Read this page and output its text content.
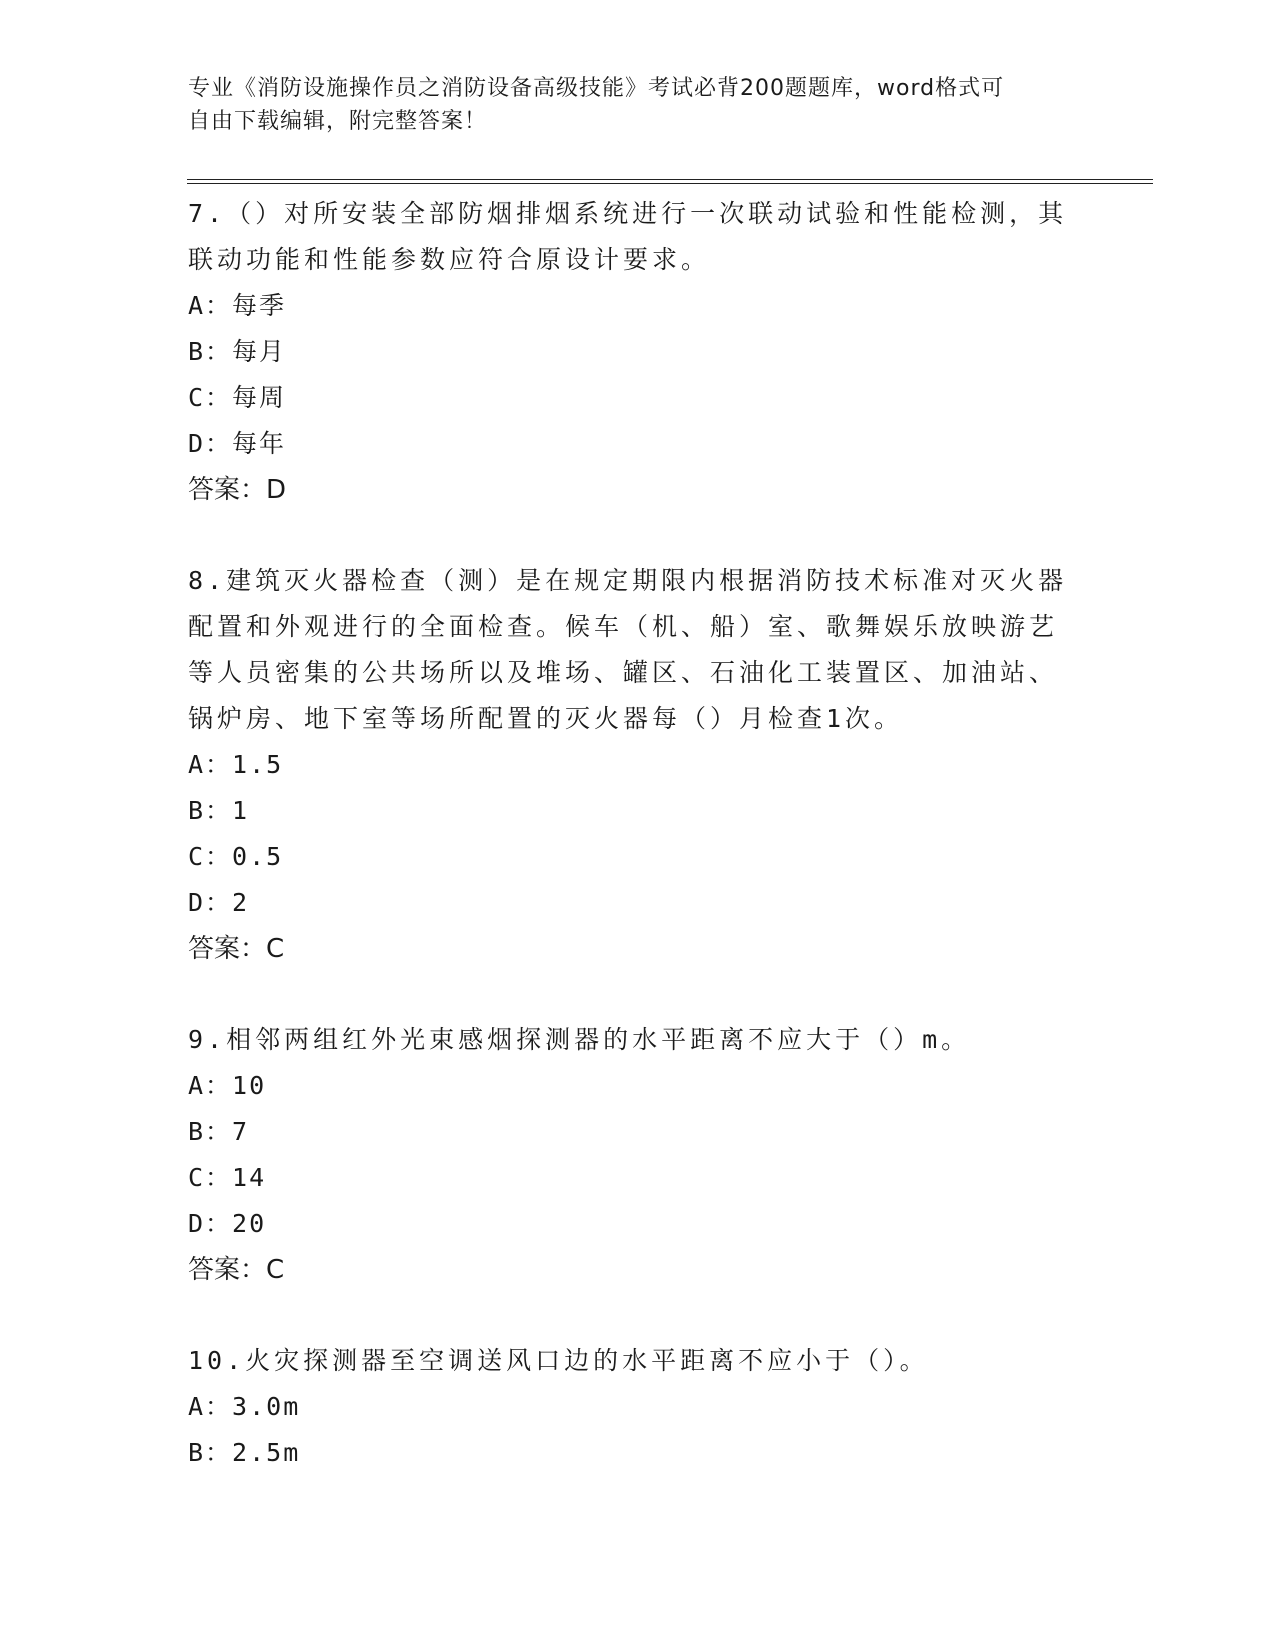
专业《消防设施操作员之消防设备高级技能》考试必背200题题库，word格式可
自由下载编辑，附完整答案！

7.（）对所安装全部防烟排烟系统进行一次联动试验和性能检测，其

联动功能和性能参数应符合原设计要求。

A：每季

B：每月

C：每周

D：每年

答案：D

8.建筑灭火器检查（测）是在规定期限内根据消防技术标准对灭火器

配置和外观进行的全面检查。候车（机、船）室、歌舞娱乐放映游艺

等人员密集的公共场所以及堆场、罐区、石油化工装置区、加油站、

锅炉房、地下室等场所配置的灭火器每（）月检查1次。

A：1.5

B：1

C：0.5

D：2

答案：C

9.相邻两组红外光束感烟探测器的水平距离不应大于（）m。

A：10

B：7

C：14

D：20

答案：C

10.火灾探测器至空调送风口边的水平距离不应小于（）。

A：3.0m

B：2.5m
